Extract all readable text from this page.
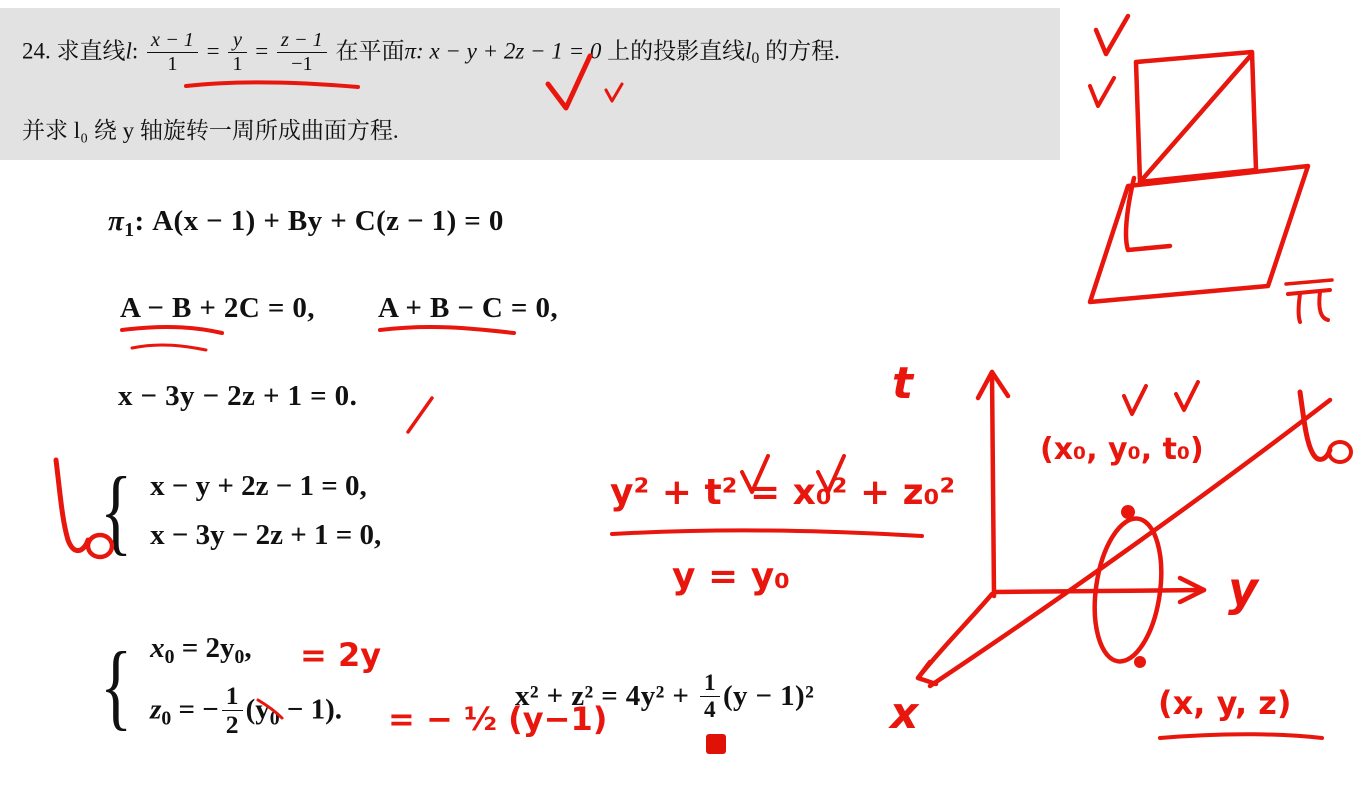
24. 求直线l: $\frac{x - 1}{1} = \frac{y}{1} = \frac{z - 1}{-1}$ 在平面π: x − y + 2z − 1 = 0 上的投影直线$l_0$ 的方程.
并求 l₀ 绕 y 轴旋转一周所成曲面方程.
$\pi_1$: A(x − 1) + By + C(z − 1) = 0
A − B + 2C = 0, A + B − C = 0,
x − 3y − 2z + 1 = 0.
{ x − y + 2z − 1 = 0,
x − 3y − 2z + 1 = 0,
{ $x_0 = 2y_0$,
$z_0$ = − $\frac{1}{2} (y_0 - 1)$.	$x^2 + z^2 = 4y^2 + \frac{1}{4} (y - 1)^2$
t
y
x
(x₀, y₀, t₀)
(x, y, z)
y² + t² = x₀² + z₀²
y = y₀
= 2y
= − ½ (y−1)
